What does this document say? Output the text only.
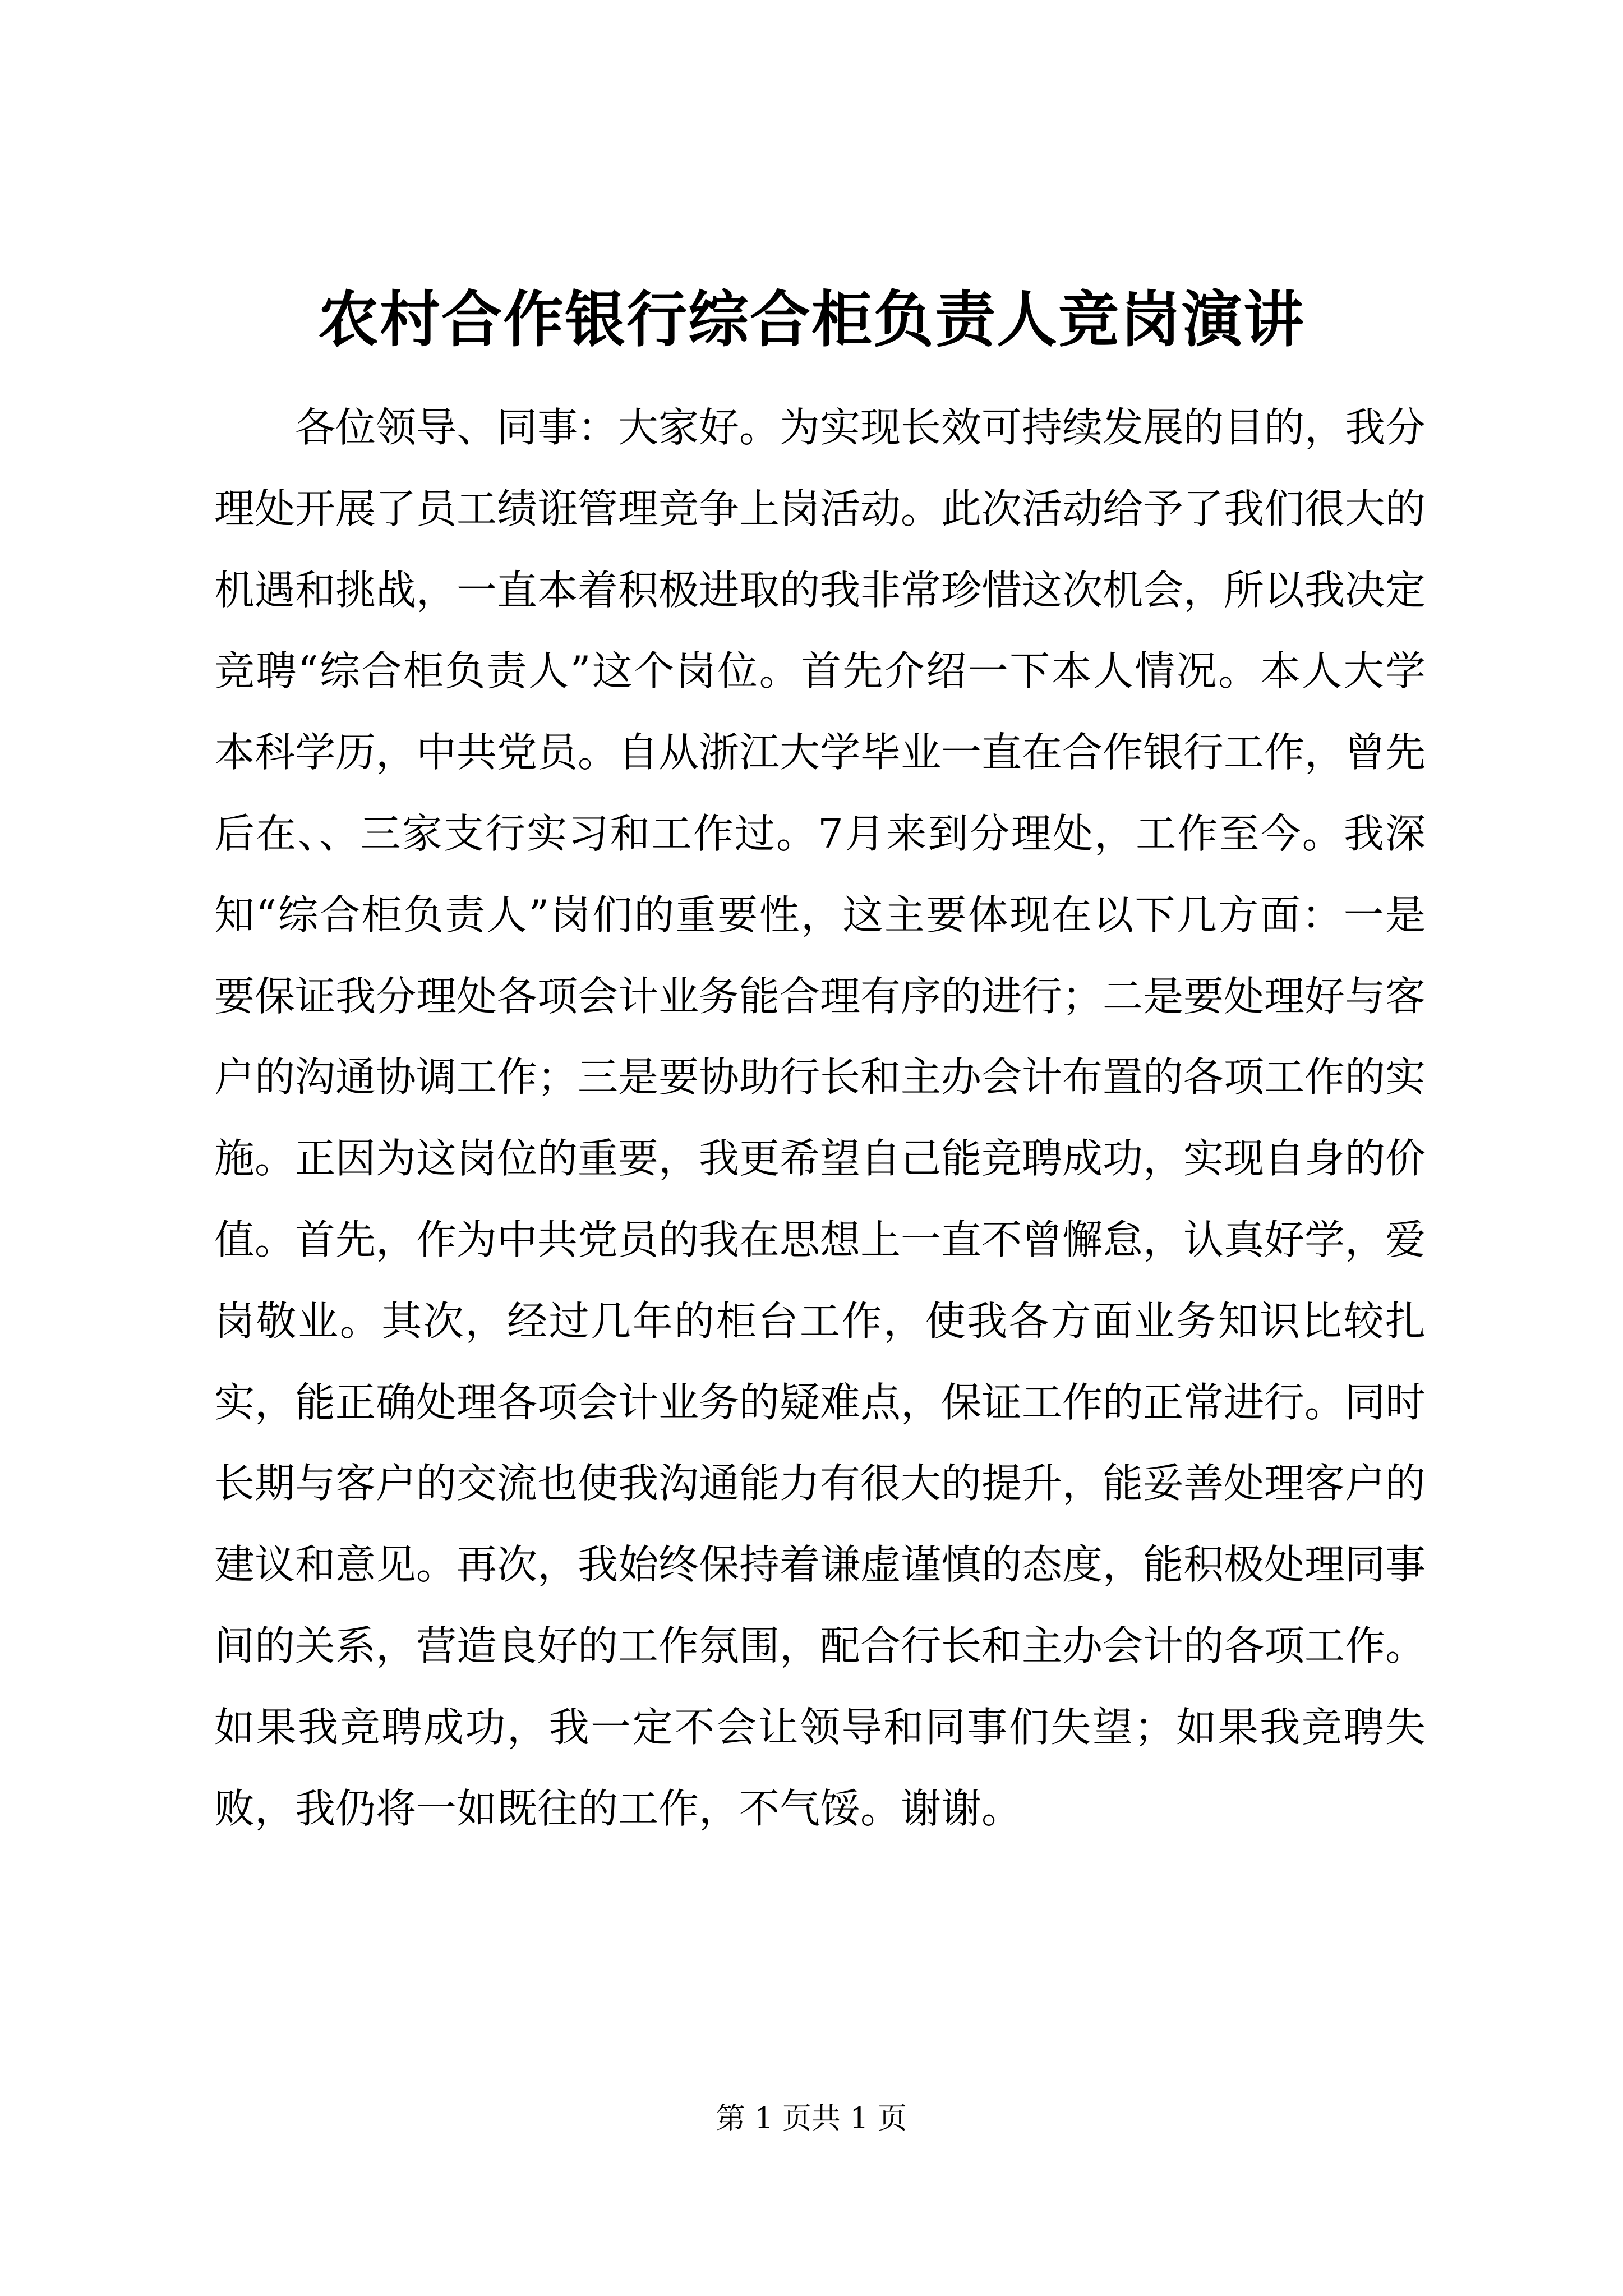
农村合作银行综合柜负责人竞岗演讲

各位领导、同事：大家好。为实现长效可持续发展的目的，我分理处开展了员工绩诳管理竞争上岗活动。此次活动给予了我们很大的机遇和挑战，一直本着积极进取的我非常珍惜这次机会，所以我决定竞聘“综合柜负责人”这个岗位。首先介绍一下本人情况。本人大学本科学历，中共党员。自从浙江大学毕业一直在合作银行工作，曾先后在、、三家支行实习和工作过。7月来到分理处，工作至今。我深知“综合柜负责人”岗们的重要性，这主要体现在以下几方面：一是要保证我分理处各项会计业务能合理有序的进行；二是要处理好与客户的沟通协调工作；三是要协助行长和主办会计布置的各项工作的实施。正因为这岗位的重要，我更希望自己能竞聘成功，实现自身的价值。首先，作为中共党员的我在思想上一直不曾懈怠，认真好学，爱岗敬业。其次，经过几年的柜台工作，使我各方面业务知识比较扎实，能正确处理各项会计业务的疑难点，保证工作的正常进行。同时长期与客户的交流也使我沟通能力有很大的提升，能妥善处理客户的建议和意见。再次，我始终保持着谦虚谨慎的态度，能积极处理同事间的关系，营造良好的工作氛围，配合行长和主办会计的各项工作。如果我竞聘成功，我一定不会让领导和同事们失望；如果我竞聘失败，我仍将一如既往的工作，不气馁。谢谢。

第 1 页共 1 页
